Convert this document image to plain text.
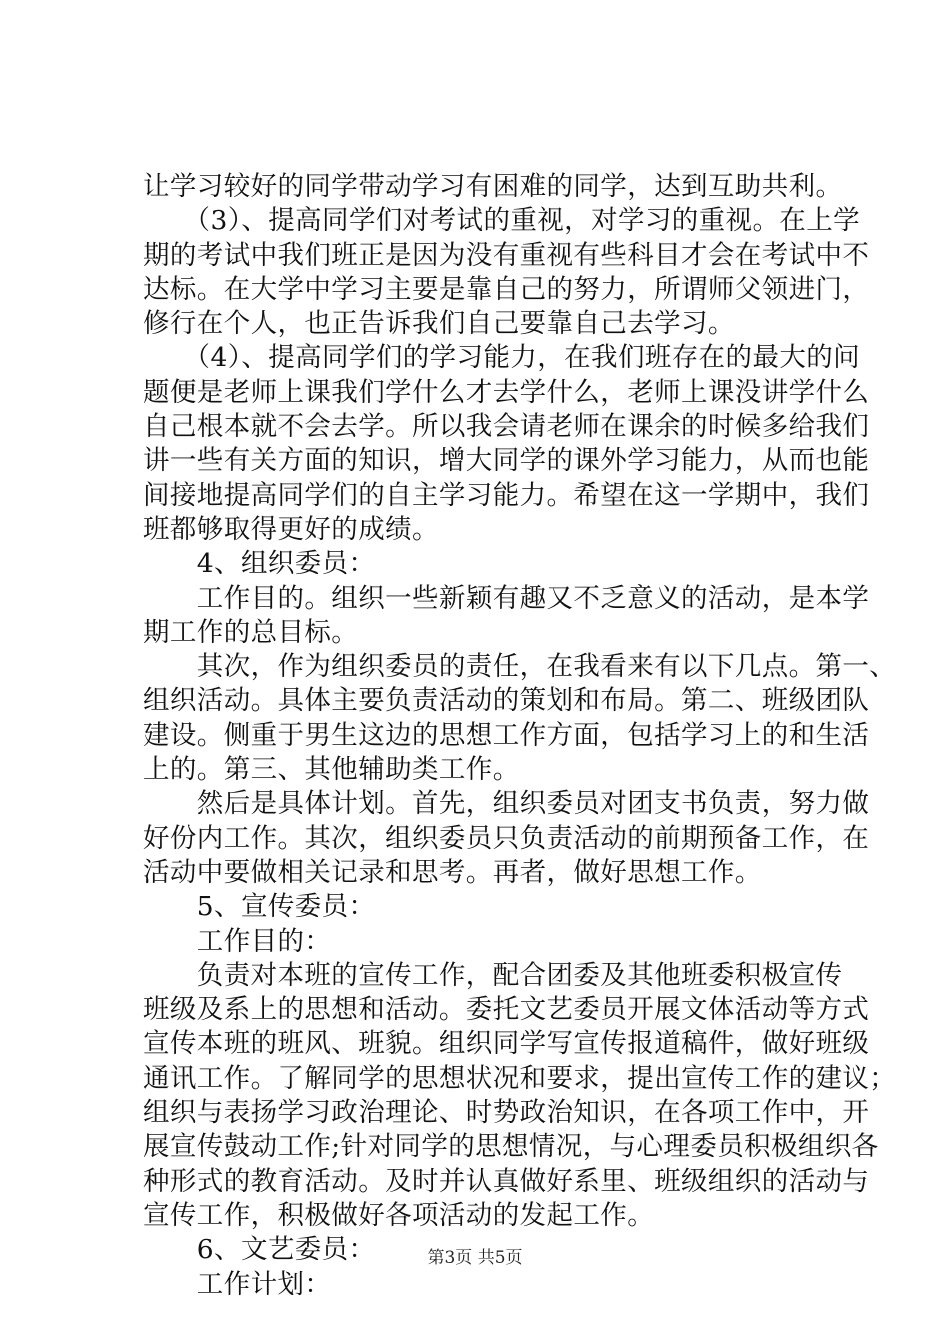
让学习较好的同学带动学习有困难的同学，达到互助共利。
　　（3）、提高同学们对考试的重视，对学习的重视。在上学
期的考试中我们班正是因为没有重视有些科目才会在考试中不
达标。在大学中学习主要是靠自己的努力，所谓师父领进门，
修行在个人，也正告诉我们自己要靠自己去学习。
　　（4）、提高同学们的学习能力，在我们班存在的最大的问
题便是老师上课我们学什么才去学什么，老师上课没讲学什么
自己根本就不会去学。所以我会请老师在课余的时候多给我们
讲一些有关方面的知识，增大同学的课外学习能力，从而也能
间接地提高同学们的自主学习能力。希望在这一学期中，我们
班都够取得更好的成绩。
　　4、组织委员：
　　工作目的。组织一些新颖有趣又不乏意义的活动，是本学
期工作的总目标。
　　其次，作为组织委员的责任，在我看来有以下几点。第一、
组织活动。具体主要负责活动的策划和布局。第二、班级团队
建设。侧重于男生这边的思想工作方面，包括学习上的和生活
上的。第三、其他辅助类工作。
　　然后是具体计划。首先，组织委员对团支书负责，努力做
好份内工作。其次，组织委员只负责活动的前期预备工作，在
活动中要做相关记录和思考。再者，做好思想工作。
　　5、宣传委员：
　　工作目的：
　　负责对本班的宣传工作，配合团委及其他班委积极宣传
班级及系上的思想和活动。委托文艺委员开展文体活动等方式
宣传本班的班风、班貌。组织同学写宣传报道稿件，做好班级
通讯工作。了解同学的思想状况和要求，提出宣传工作的建议；
组织与表扬学习政治理论、时势政治知识，在各项工作中，开
展宣传鼓动工作;针对同学的思想情况，与心理委员积极组织各
种形式的教育活动。及时并认真做好系里、班级组织的活动与
宣传工作，积极做好各项活动的发起工作。
　　6、文艺委员：
　　工作计划：
第3页 共5页
